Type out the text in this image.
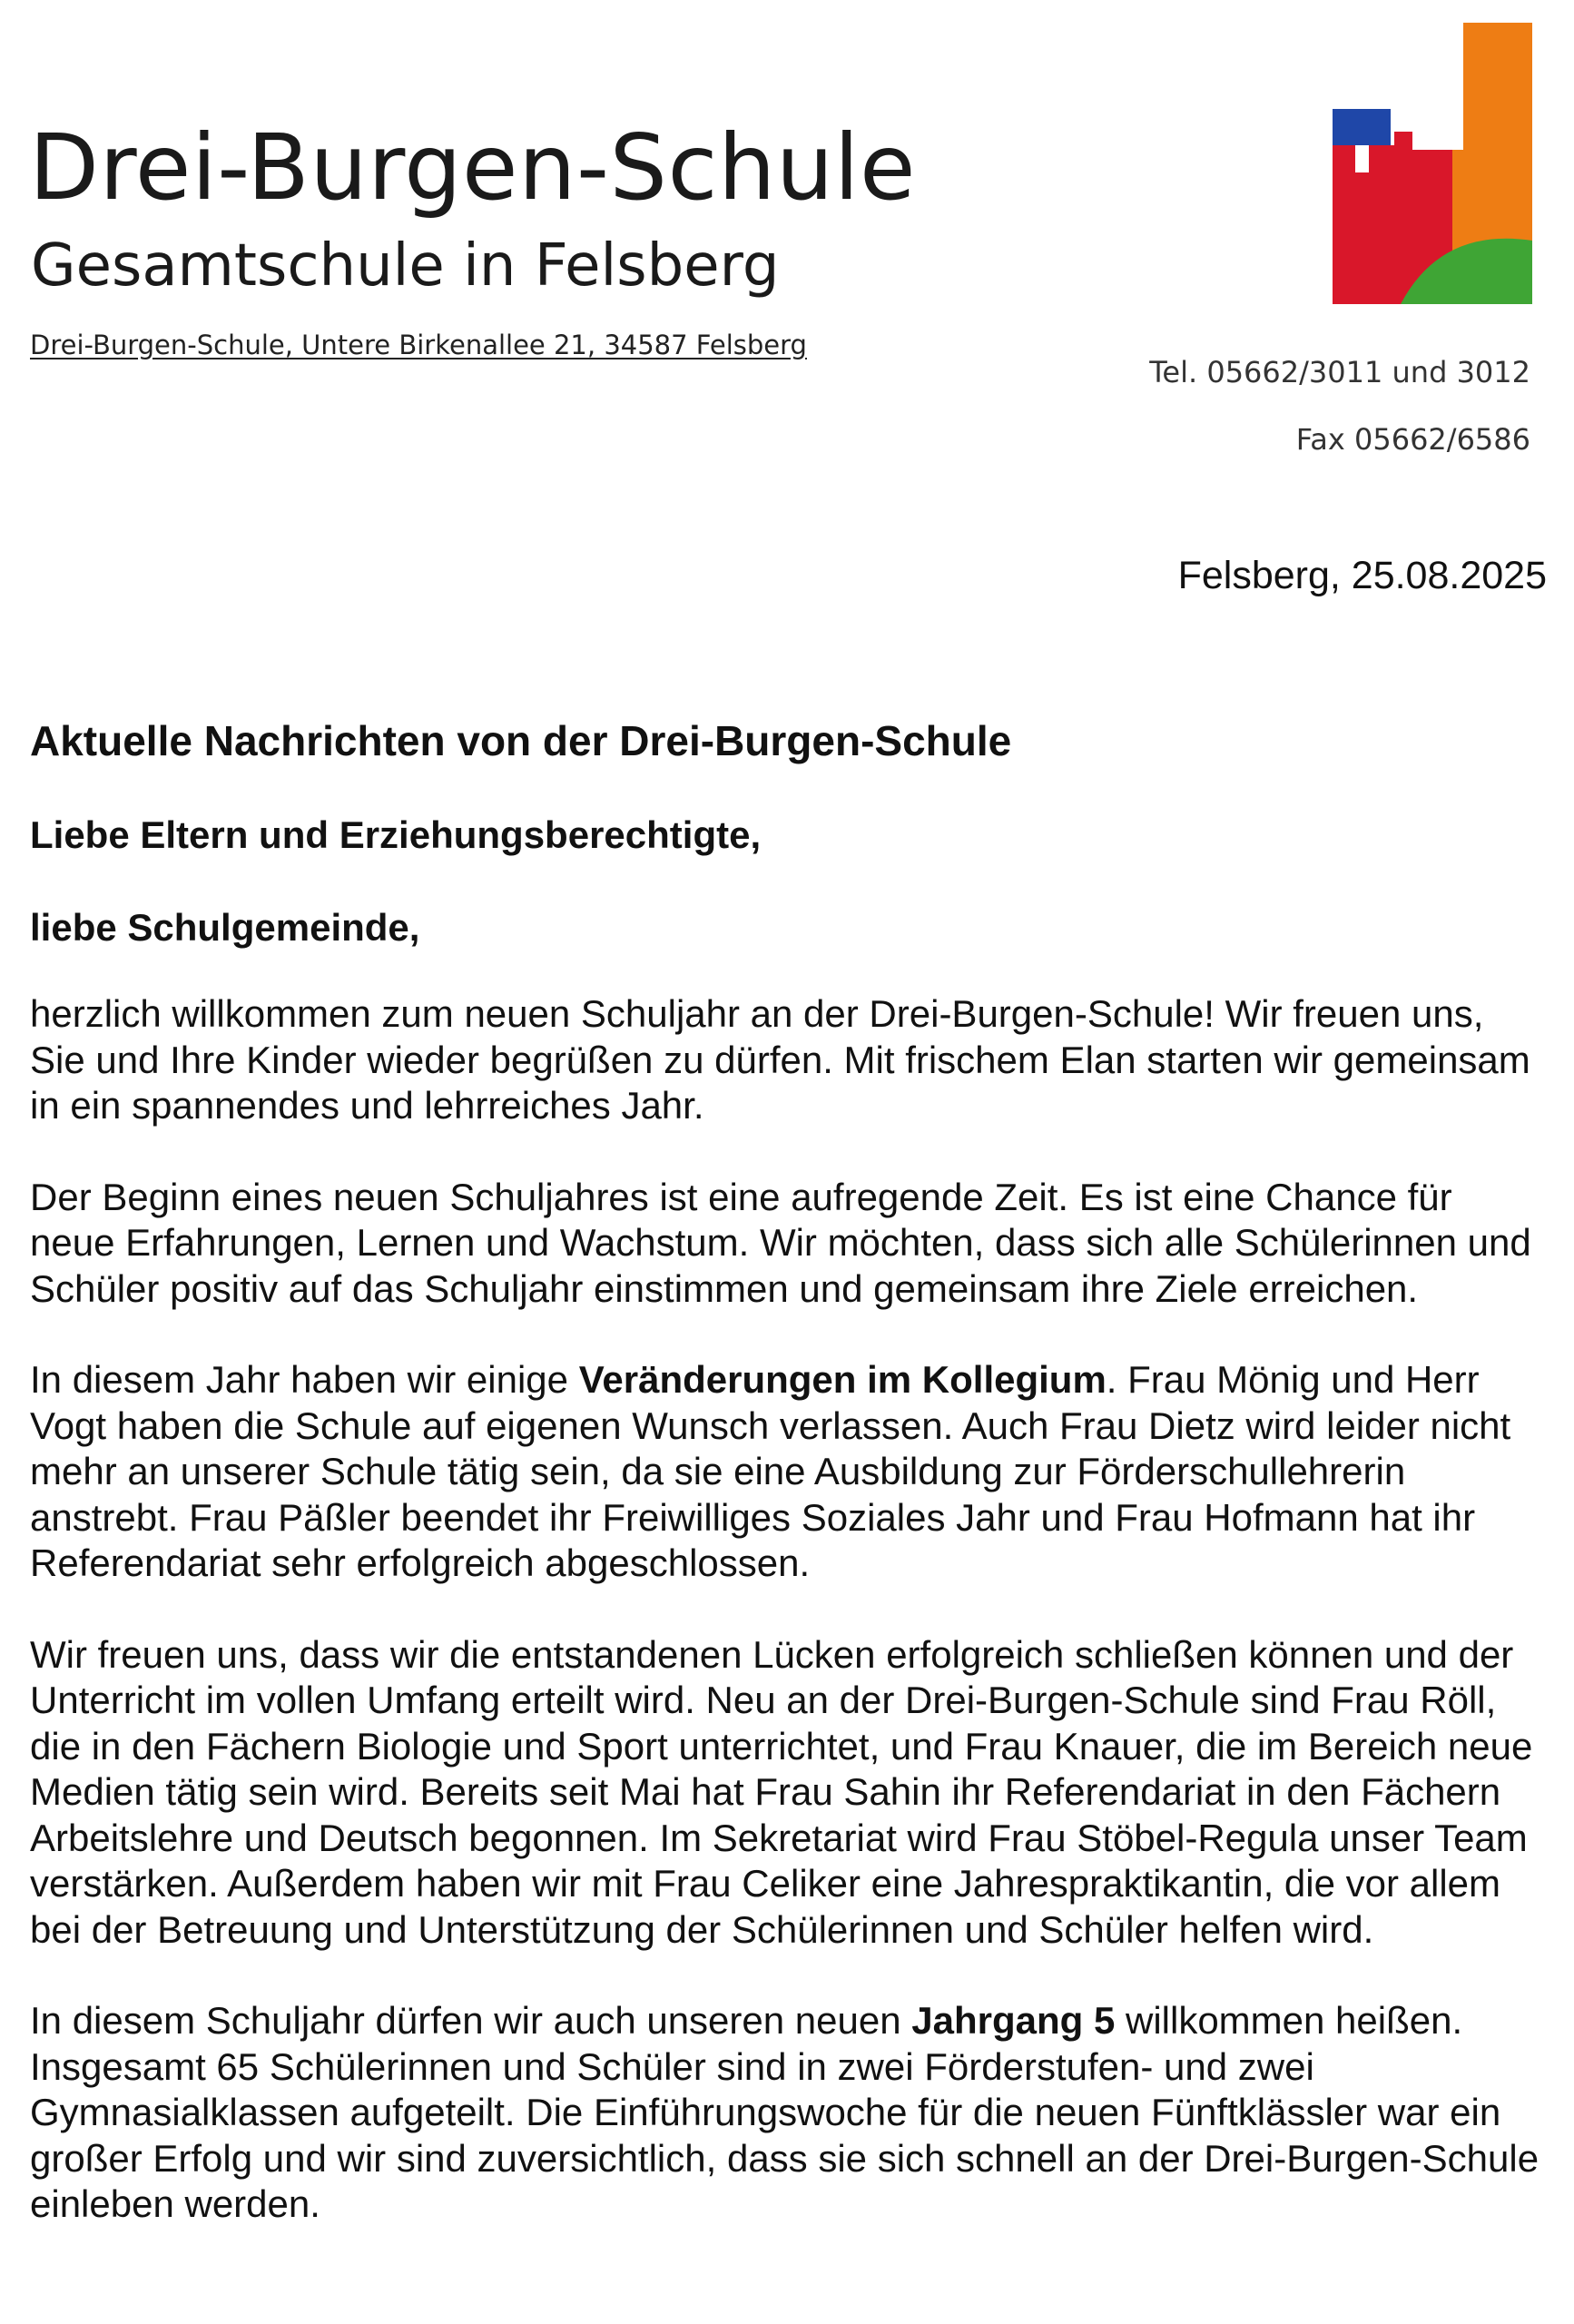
Drei-Burgen-Schule
Gesamtschule in Felsberg
Drei-Burgen-Schule, Untere Birkenallee 21, 34587 Felsberg
Tel. 05662/3011 und 3012
Fax 05662/6586
Felsberg, 25.08.2025
Aktuelle Nachrichten von der Drei-Burgen-Schule
Liebe Eltern und Erziehungsberechtigte,
liebe Schulgemeinde,

herzlich willkommen zum neuen Schuljahr an der Drei-Burgen-Schule! Wir freuen uns, Sie und Ihre Kinder wieder begrüßen zu dürfen. Mit frischem Elan starten wir gemeinsam in ein spannendes und lehrreiches Jahr.

Der Beginn eines neuen Schuljahres ist eine aufregende Zeit. Es ist eine Chance für neue Erfahrungen, Lernen und Wachstum. Wir möchten, dass sich alle Schülerinnen und Schüler positiv auf das Schuljahr einstimmen und gemeinsam ihre Ziele erreichen.

In diesem Jahr haben wir einige Veränderungen im Kollegium. Frau Mönig und Herr Vogt haben die Schule auf eigenen Wunsch verlassen. Auch Frau Dietz wird leider nicht mehr an unserer Schule tätig sein, da sie eine Ausbildung zur Förderschullehrerin anstrebt. Frau Päßler beendet ihr Freiwilliges Soziales Jahr und Frau Hofmann hat ihr Referendariat sehr erfolgreich abgeschlossen.

Wir freuen uns, dass wir die entstandenen Lücken erfolgreich schließen können und der Unterricht im vollen Umfang erteilt wird. Neu an der Drei-Burgen-Schule sind Frau Röll, die in den Fächern Biologie und Sport unterrichtet, und Frau Knauer, die im Bereich neue Medien tätig sein wird. Bereits seit Mai hat Frau Sahin ihr Referendariat in den Fächern Arbeitslehre und Deutsch begonnen. Im Sekretariat wird Frau Stöbel-Regula unser Team verstärken. Außerdem haben wir mit Frau Celiker eine Jahrespraktikantin, die vor allem bei der Betreuung und Unterstützung der Schülerinnen und Schüler helfen wird.

In diesem Schuljahr dürfen wir auch unseren neuen Jahrgang 5 willkommen heißen. Insgesamt 65 Schülerinnen und Schüler sind in zwei Förderstufen- und zwei Gymnasialklassen aufgeteilt. Die Einführungswoche für die neuen Fünftklässler war ein großer Erfolg und wir sind zuversichtlich, dass sie sich schnell an der Drei-Burgen-Schule einleben werden.
